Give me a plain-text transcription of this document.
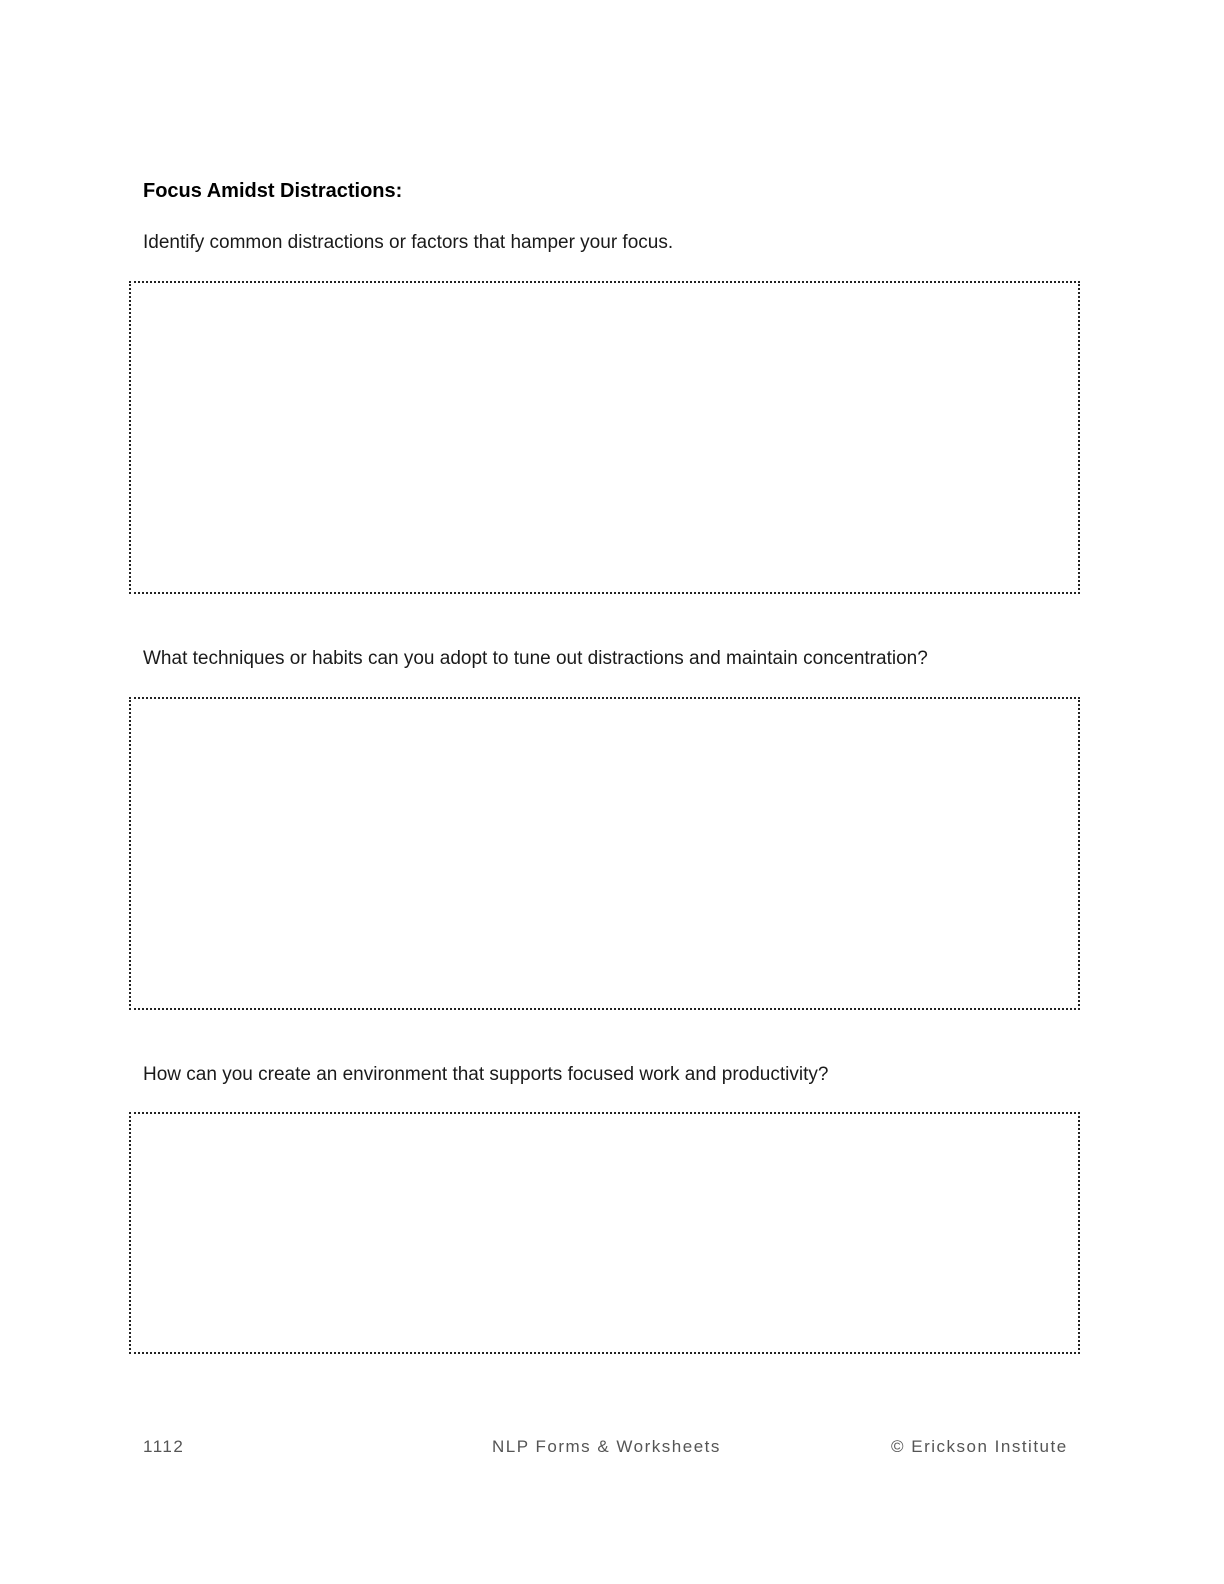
Focus Amidst Distractions:
Identify common distractions or factors that hamper your focus.
What techniques or habits can you adopt to tune out distractions and maintain concentration?
How can you create an environment that supports focused work and productivity?
1112	NLP Forms & Worksheets	© Erickson Institute
